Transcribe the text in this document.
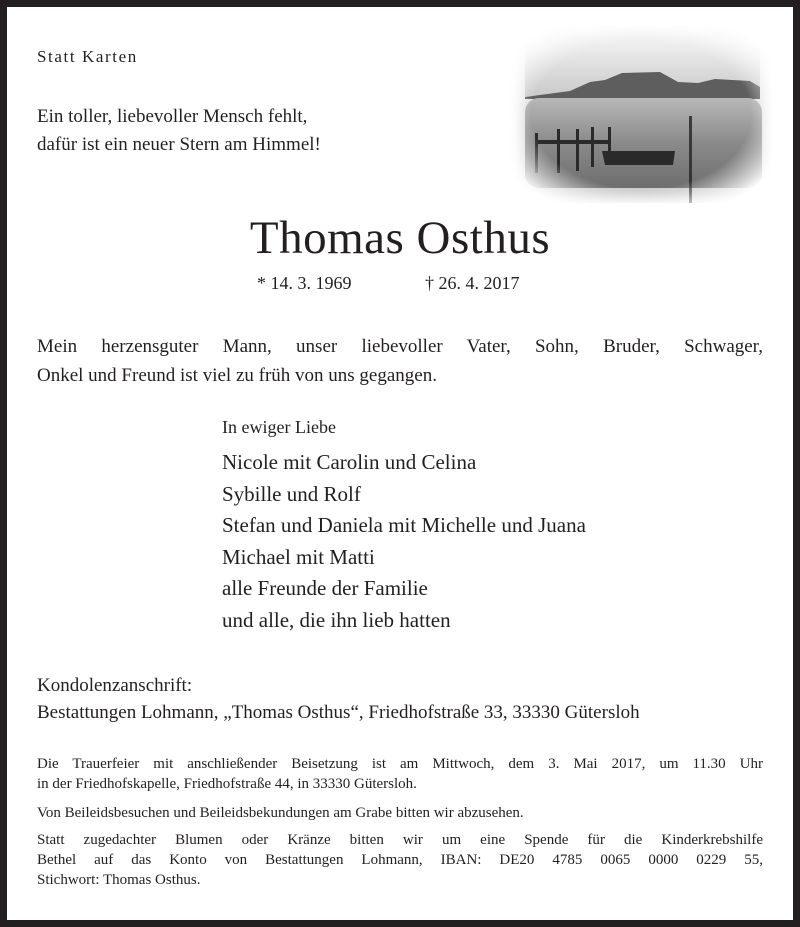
Statt Karten
Ein toller, liebevoller Mensch fehlt,
dafür ist ein neuer Stern am Himmel!
Thomas Osthus
* 14. 3. 1969	† 26. 4. 2017
Mein herzensguter Mann, unser liebevoller Vater, Sohn, Bruder, Schwager,
Onkel und Freund ist viel zu früh von uns gegangen.
In ewiger Liebe
Nicole mit Carolin und Celina
Sybille und Rolf
Stefan und Daniela mit Michelle und Juana
Michael mit Matti
alle Freunde der Familie
und alle, die ihn lieb hatten
Kondolenzanschrift:
Bestattungen Lohmann, „Thomas Osthus“, Friedhofstraße 33, 33330 Gütersloh
Die Trauerfeier mit anschließender Beisetzung ist am Mittwoch, dem 3. Mai 2017, um 11.30 Uhr
in der Friedhofskapelle, Friedhofstraße 44, in 33330 Gütersloh.
Von Beileidsbesuchen und Beileidsbekundungen am Grabe bitten wir abzusehen.
Statt zugedachter Blumen oder Kränze bitten wir um eine Spende für die Kinderkrebshilfe
Bethel auf das Konto von Bestattungen Lohmann, IBAN: DE20 4785 0065 0000 0229 55,
Stichwort: Thomas Osthus.
